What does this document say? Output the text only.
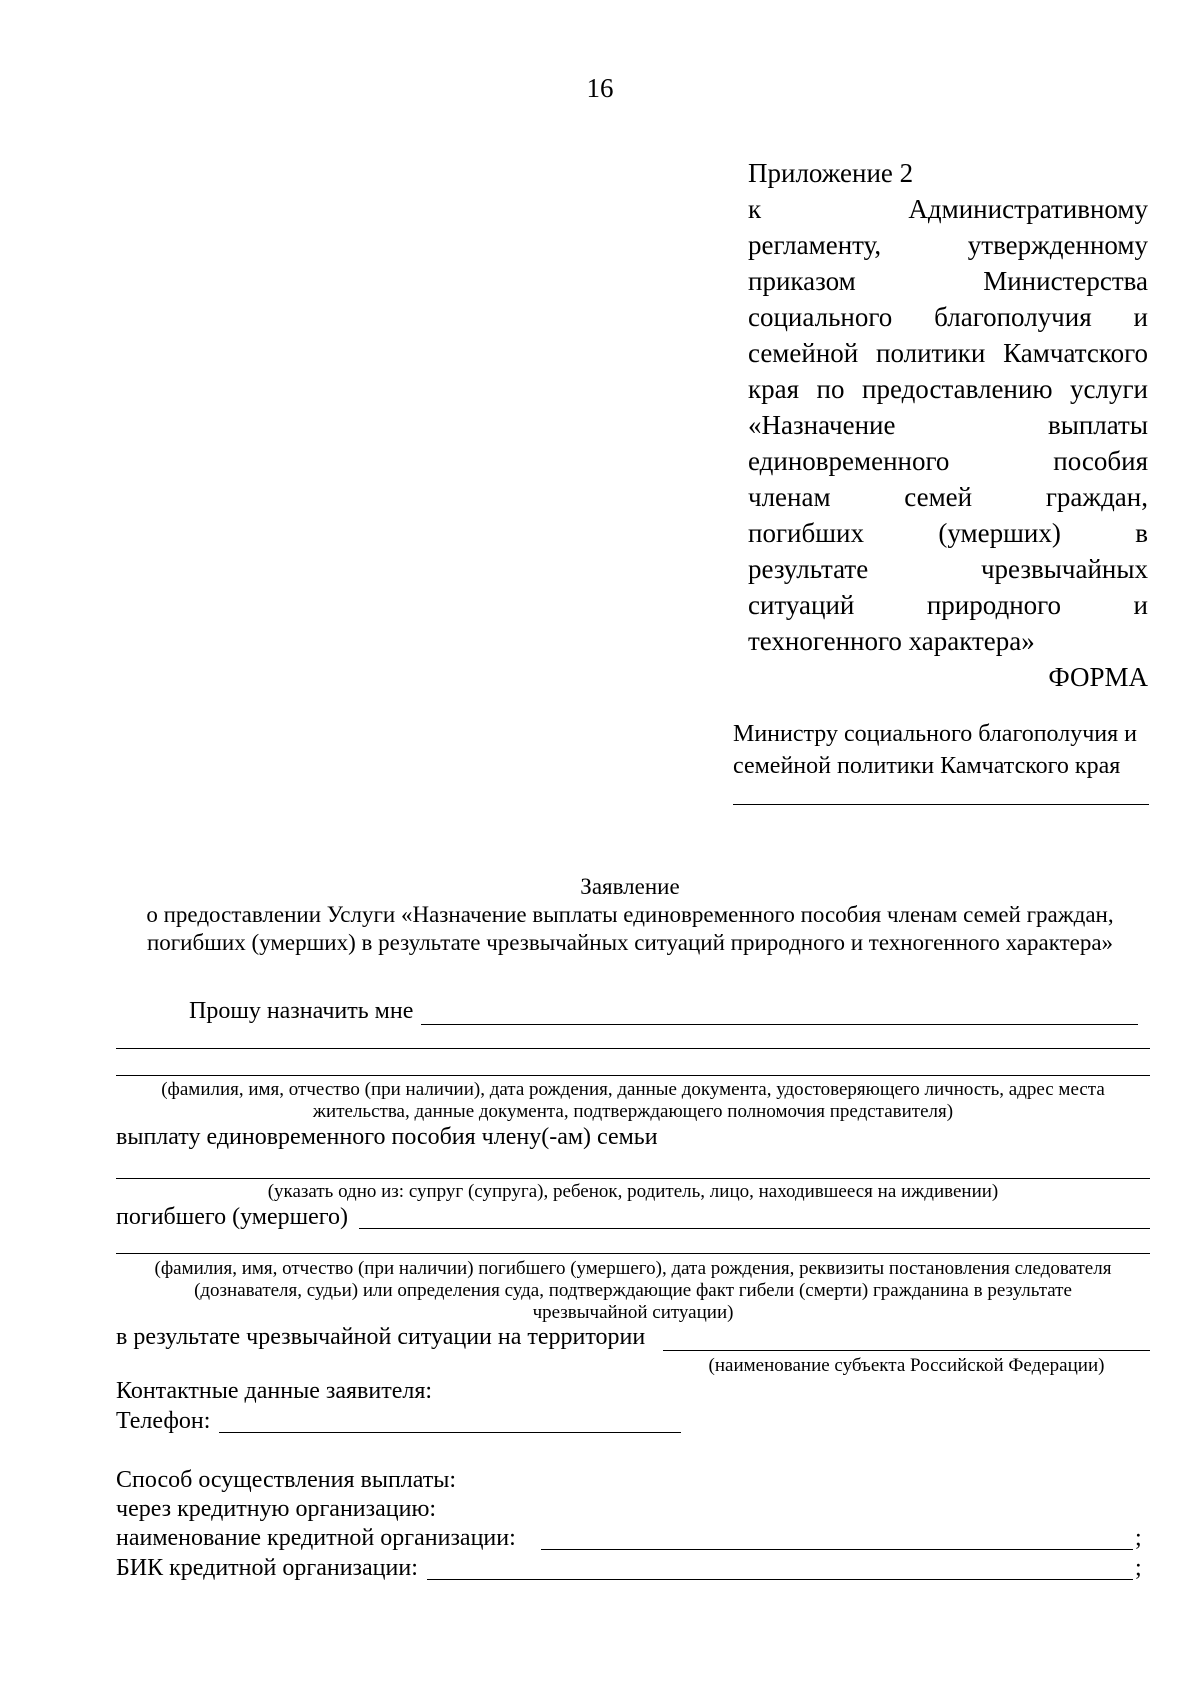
16
Приложение 2
к Административному
регламенту, утвержденному
приказом Министерства
социального благополучия и
семейной политики Камчатского
края по предоставлению услуги
«Назначение выплаты
единовременного пособия
членам семей граждан,
погибших (умерших) в
результате чрезвычайных
ситуаций природного и
техногенного характера»
ФОРМА
Министру социального благополучия и
семейной политики Камчатского края
Заявление
о предоставлении Услуги «Назначение выплаты единовременного пособия членам семей граждан,
погибших (умерших) в результате чрезвычайных ситуаций природного и техногенного характера»
Прошу назначить мне
(фамилия, имя, отчество (при наличии), дата рождения, данные документа, удостоверяющего личность, адрес места
жительства, данные документа, подтверждающего полномочия представителя)
выплату единовременного пособия члену(-ам) семьи
(указать одно из: супруг (супруга), ребенок, родитель, лицо, находившееся на иждивении)
погибшего (умершего)
(фамилия, имя, отчество (при наличии) погибшего (умершего), дата рождения, реквизиты постановления следователя
(дознавателя, судьи) или определения суда, подтверждающие факт гибели (смерти) гражданина в результате
чрезвычайной ситуации)
в результате чрезвычайной ситуации на территории
(наименование субъекта Российской Федерации)
Контактные данные заявителя:
Телефон:
Способ осуществления выплаты:
через кредитную организацию:
наименование кредитной организации:	;
БИК кредитной организации:	;
